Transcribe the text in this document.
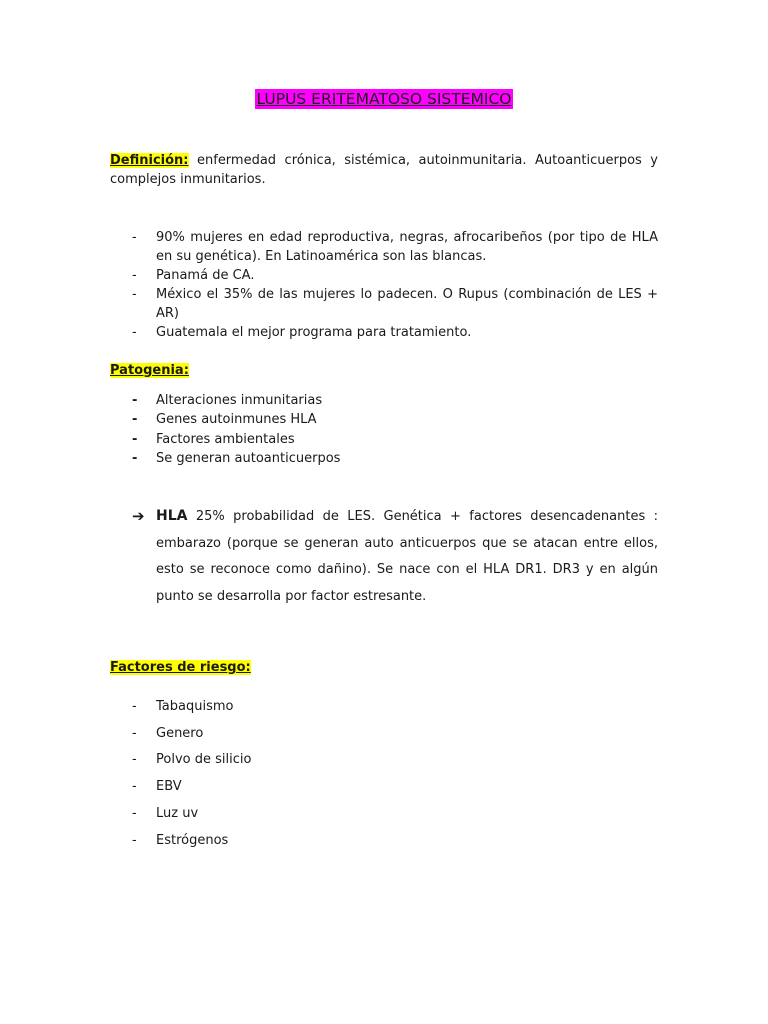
LUPUS ERITEMATOSO SISTEMICO
Definición: enfermedad crónica, sistémica, autoinmunitaria. Autoanticuerpos y complejos inmunitarios.
- 90% mujeres en edad reproductiva, negras, afrocaribeños (por tipo de HLA en su genética). En Latinoamérica son las blancas.
- Panamá de CA.
- México el 35% de las mujeres lo padecen. O Rupus (combinación de LES + AR)
- Guatemala el mejor programa para tratamiento.
Patogenia:
- Alteraciones inmunitarias
- Genes autoinmunes HLA
- Factores ambientales
- Se generan autoanticuerpos
➔ HLA 25% probabilidad de LES. Genética + factores desencadenantes : embarazo (porque se generan auto anticuerpos que se atacan entre ellos, esto se reconoce como dañino). Se nace con el HLA DR1. DR3 y en algún punto se desarrolla por factor estresante.
Factores de riesgo:
- Tabaquismo
- Genero
- Polvo de silicio
- EBV
- Luz uv
- Estrógenos
